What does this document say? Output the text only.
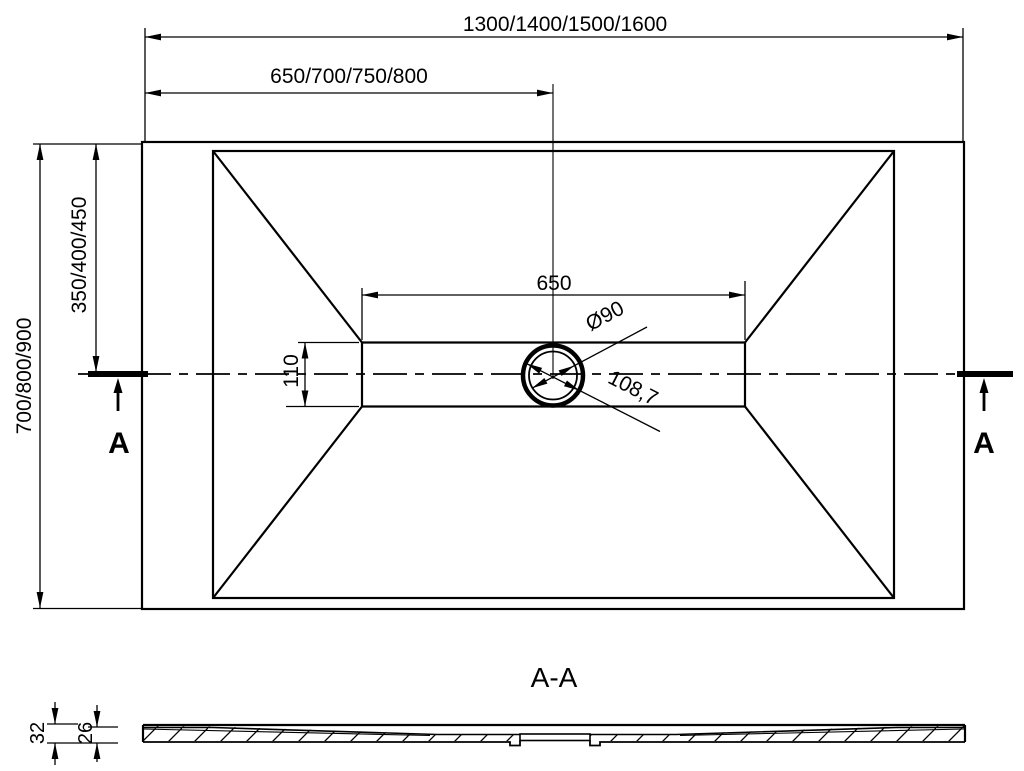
Ø90
108,7
A	A
1300/1400/1500/1600
650/700/750/800
700/800/900
350/400/450	650
110
A-A
32 26
